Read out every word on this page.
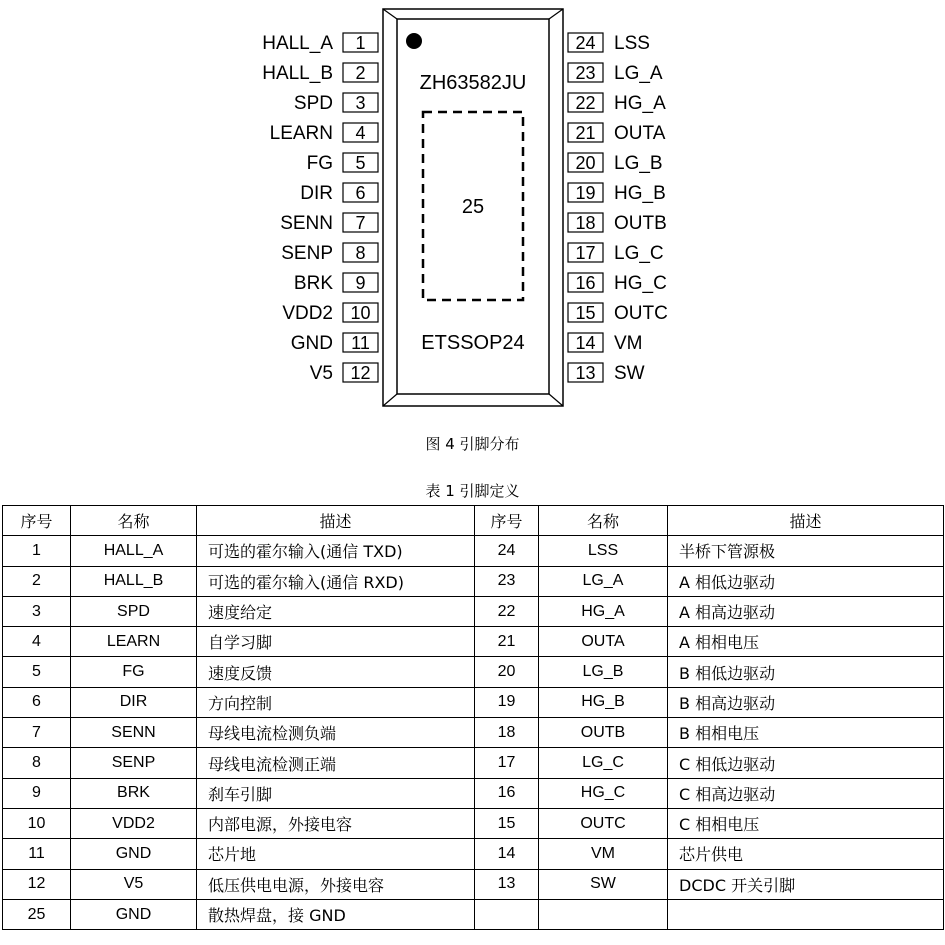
ZH63582JU
25
ETSSOP24
1
HALL_A
2
HALL_B
3
SPD
4
LEARN
5
FG
6
DIR
7
SENN
8
SENP
9
BRK
10
VDD2
11
GND
12
V5
24 LSS
23 LG_A
22 HG_A
21 OUTA
20 LG_B
19 HG_B
18 OUTB
17 LG_C
16 HG_C
15 OUTC
14 VM
13 SW
图 4 引脚分布
表 1 引脚定义
序号	名称	描述	序号	名称	描述
1	HALL_A	可选的霍尔输入(通信 TXD)	24	LSS	半桥下管源极
2	HALL_B	可选的霍尔输入(通信 RXD)	23	LG_A	A 相低边驱动
3	SPD	速度给定	22	HG_A	A 相高边驱动
4	LEARN	自学习脚	21	OUTA	A 相相电压
5	FG	速度反馈	20	LG_B	B 相低边驱动
6	DIR	方向控制	19	HG_B	B 相高边驱动
7	SENN	母线电流检测负端	18	OUTB	B 相相电压
8	SENP	母线电流检测正端	17	LG_C	C 相低边驱动
9	BRK	刹车引脚	16	HG_C	C 相高边驱动
10	VDD2	内部电源，外接电容	15	OUTC	C 相相电压
11	GND	芯片地	14	VM	芯片供电
12	V5	低压供电电源，外接电容	13	SW	DCDC 开关引脚
25	GND	散热焊盘，接 GND			
